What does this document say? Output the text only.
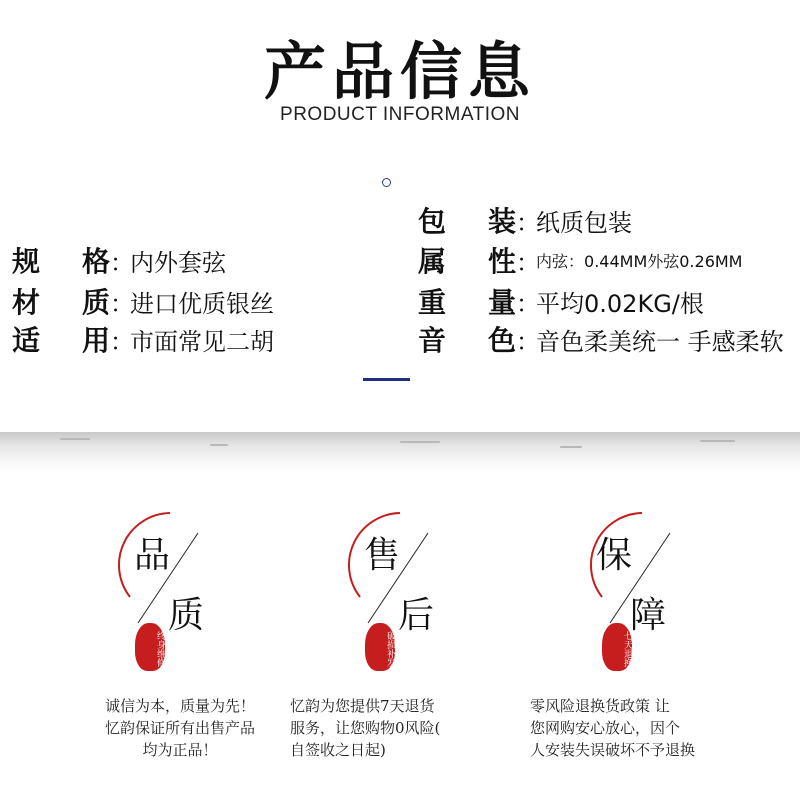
产品信息
PRODUCT INFORMATION
规	格 ：
内外套弦
材	质 ：
进口优质银丝
适	用 ：
市面常见二胡
包	装 ：
纸质包装
属	性 ：
内弦：0.44MM外弦0.26MM
重	量 ：
平均0.02KG/根
音	色 ：
音色柔美统一 手感柔软
品
质
终身维修
诚信为本，质量为先！
忆韵保证所有出售产品
均为正品！
售
后
破损补发
忆韵为您提供7天退货
服务，让您购物0风险(
自签收之日起)
保
障
七天退换
零风险退换货政策 让
您网购安心放心，因个
人安装失误破坏不予退换
